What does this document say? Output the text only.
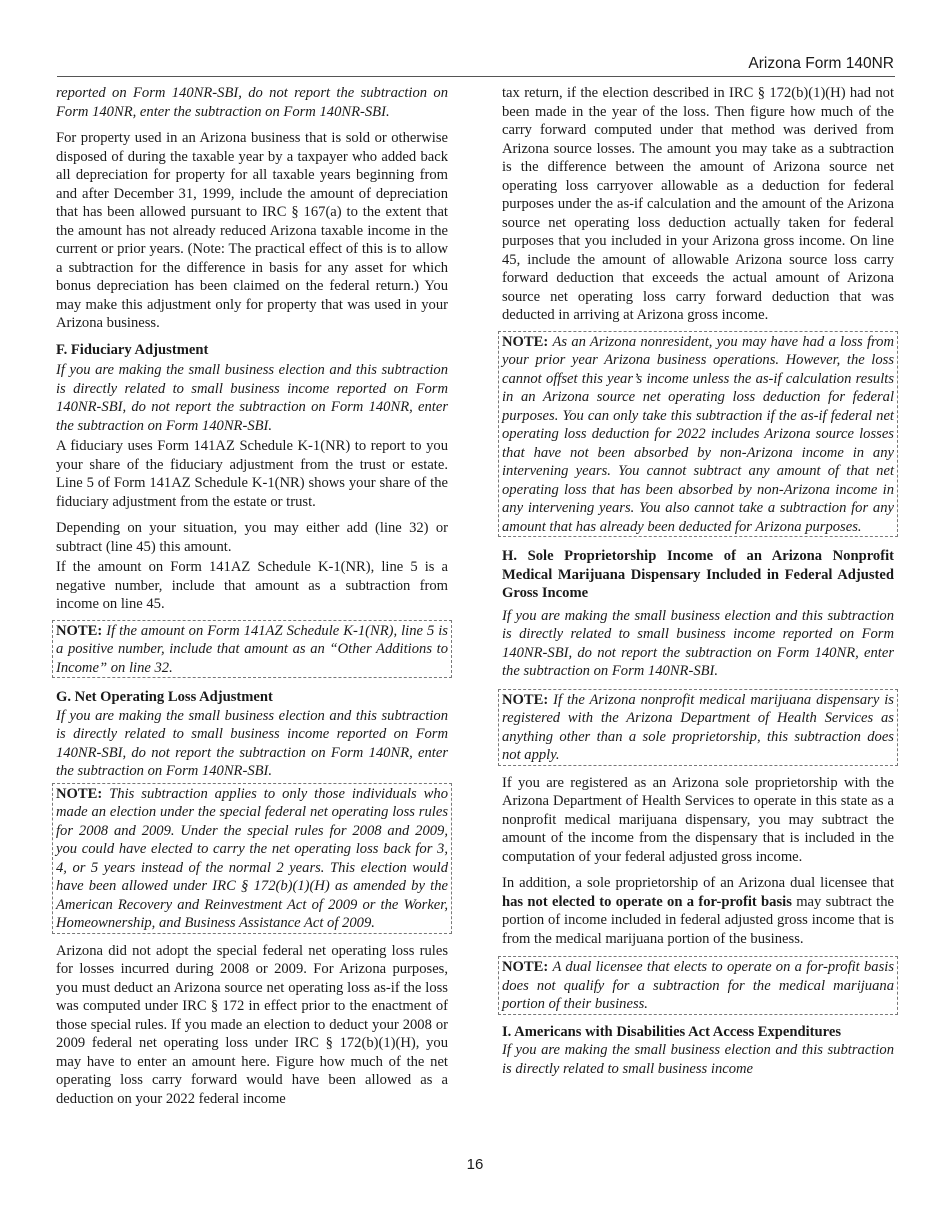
Arizona Form 140NR

reported on Form 140NR-SBI, do not report the subtraction on Form 140NR, enter the subtraction on Form 140NR-SBI.

For property used in an Arizona business that is sold or otherwise disposed of during the taxable year by a taxpayer who added back all depreciation for property for all taxable years beginning from and after December 31, 1999, include the amount of depreciation that has been allowed pursuant to IRC § 167(a) to the extent that the amount has not already reduced Arizona taxable income in the current or prior years. (Note: The practical effect of this is to allow a subtraction for the difference in basis for any asset for which bonus depreciation has been claimed on the federal return.) You may make this adjustment only for property that was used in your Arizona business.

F. Fiduciary Adjustment

If you are making the small business election and this subtraction is directly related to small business income reported on Form 140NR-SBI, do not report the subtraction on Form 140NR, enter the subtraction on Form 140NR-SBI.

A fiduciary uses Form 141AZ Schedule K-1(NR) to report to you your share of the fiduciary adjustment from the trust or estate. Line 5 of Form 141AZ Schedule K-1(NR) shows your share of the fiduciary adjustment from the estate or trust.

Depending on your situation, you may either add (line 32) or subtract (line 45) this amount.

If the amount on Form 141AZ Schedule K-1(NR), line 5 is a negative number, include that amount as a subtraction from income on line 45.

NOTE: If the amount on Form 141AZ Schedule K-1(NR), line 5 is a positive number, include that amount as an “Other Additions to Income” on line 32.
G. Net Operating Loss Adjustment

If you are making the small business election and this subtraction is directly related to small business income reported on Form 140NR-SBI, do not report the subtraction on Form 140NR, enter the subtraction on Form 140NR-SBI.

NOTE: This subtraction applies to only those individuals who made an election under the special federal net operating loss rules for 2008 and 2009. Under the special rules for 2008 and 2009, you could have elected to carry the net operating loss back for 3, 4, or 5 years instead of the normal 2 years. This election would have been allowed under IRC § 172(b)(1)(H) as amended by the American Recovery and Reinvestment Act of 2009 or the Worker, Homeownership, and Business Assistance Act of 2009.

Arizona did not adopt the special federal net operating loss rules for losses incurred during 2008 or 2009. For Arizona purposes, you must deduct an Arizona source net operating loss as-if the loss was computed under IRC § 172 in effect prior to the enactment of those special rules. If you made an election to deduct your 2008 or 2009 federal net operating loss under IRC § 172(b)(1)(H), you may have to enter an amount here. Figure how much of the net operating loss carry forward would have been allowed as a deduction on your 2022 federal income

tax return, if the election described in IRC § 172(b)(1)(H) had not been made in the year of the loss. Then figure how much of the carry forward computed under that method was derived from Arizona source losses. The amount you may take as a subtraction is the difference between the amount of Arizona source net operating loss carryover allowable as a deduction for federal purposes under the as-if calculation and the amount of the Arizona source net operating loss deduction actually taken for federal purposes that you included in your Arizona gross income. On line 45, include the amount of allowable Arizona source loss carry forward deduction that exceeds the actual amount of Arizona source net operating loss carry forward deduction that was deducted in arriving at Arizona gross income.

NOTE: As an Arizona nonresident, you may have had a loss from your prior year Arizona business operations. However, the loss cannot offset this year’s income unless the as-if calculation results in an Arizona source net operating loss deduction for federal purposes. You can only take this subtraction if the as-if federal net operating loss deduction for 2022 includes Arizona source losses that have not been absorbed by non-Arizona income in any intervening years. You cannot subtract any amount of that net operating loss that has been absorbed by non-Arizona income in any intervening years. You also cannot take a subtraction for any amount that has already been deducted for Arizona purposes.
H. Sole Proprietorship Income of an Arizona Nonprofit Medical Marijuana Dispensary Included in Federal Adjusted Gross Income

If you are making the small business election and this subtraction is directly related to small business income reported on Form 140NR-SBI, do not report the subtraction on Form 140NR, enter the subtraction on Form 140NR-SBI.

NOTE: If the Arizona nonprofit medical marijuana dispensary is registered with the Arizona Department of Health Services as anything other than a sole proprietorship, this subtraction does not apply.

If you are registered as an Arizona sole proprietorship with the Arizona Department of Health Services to operate in this state as a nonprofit medical marijuana dispensary, you may subtract the amount of the income from the dispensary that is included in the computation of your federal adjusted gross income.

In addition, a sole proprietorship of an Arizona dual licensee that has not elected to operate on a for-profit basis may subtract the portion of income included in federal adjusted gross income that is from the medical marijuana portion of the business.

NOTE: A dual licensee that elects to operate on a for-profit basis does not qualify for a subtraction for the medical marijuana portion of their business.
I. Americans with Disabilities Act Access Expenditures

If you are making the small business election and this subtraction is directly related to small business income

16
